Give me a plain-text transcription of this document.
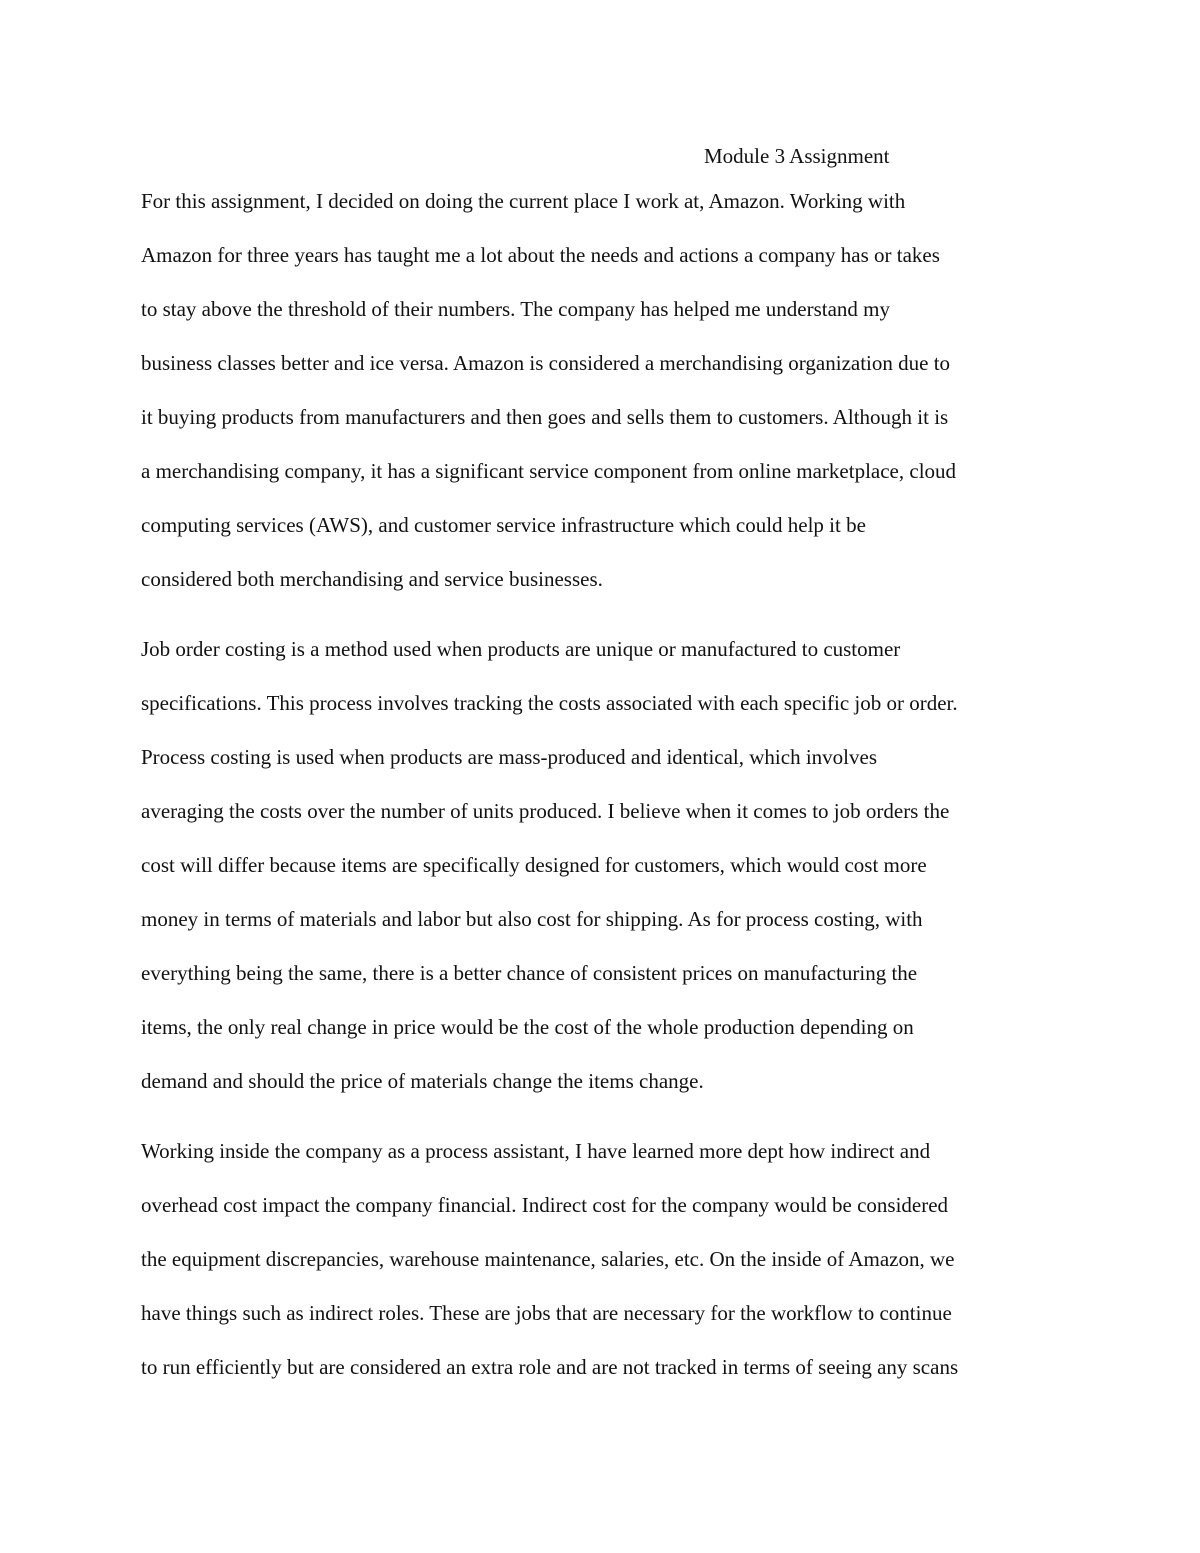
Module 3 Assignment
For this assignment, I decided on doing the current place I work at, Amazon. Working with
Amazon for three years has taught me a lot about the needs and actions a company has or takes
to stay above the threshold of their numbers. The company has helped me understand my
business classes better and ice versa. Amazon is considered a merchandising organization due to
it buying products from manufacturers and then goes and sells them to customers. Although it is
a merchandising company, it has a significant service component from online marketplace, cloud
computing services (AWS), and customer service infrastructure which could help it be
considered both merchandising and service businesses.
Job order costing is a method used when products are unique or manufactured to customer
specifications. This process involves tracking the costs associated with each specific job or order.
Process costing is used when products are mass-produced and identical, which involves
averaging the costs over the number of units produced. I believe when it comes to job orders the
cost will differ because items are specifically designed for customers, which would cost more
money in terms of materials and labor but also cost for shipping. As for process costing, with
everything being the same, there is a better chance of consistent prices on manufacturing the
items, the only real change in price would be the cost of the whole production depending on
demand and should the price of materials change the items change.
Working inside the company as a process assistant, I have learned more dept how indirect and
overhead cost impact the company financial. Indirect cost for the company would be considered
the equipment discrepancies, warehouse maintenance, salaries, etc. On the inside of Amazon, we
have things such as indirect roles. These are jobs that are necessary for the workflow to continue
to run efficiently but are considered an extra role and are not tracked in terms of seeing any scans
